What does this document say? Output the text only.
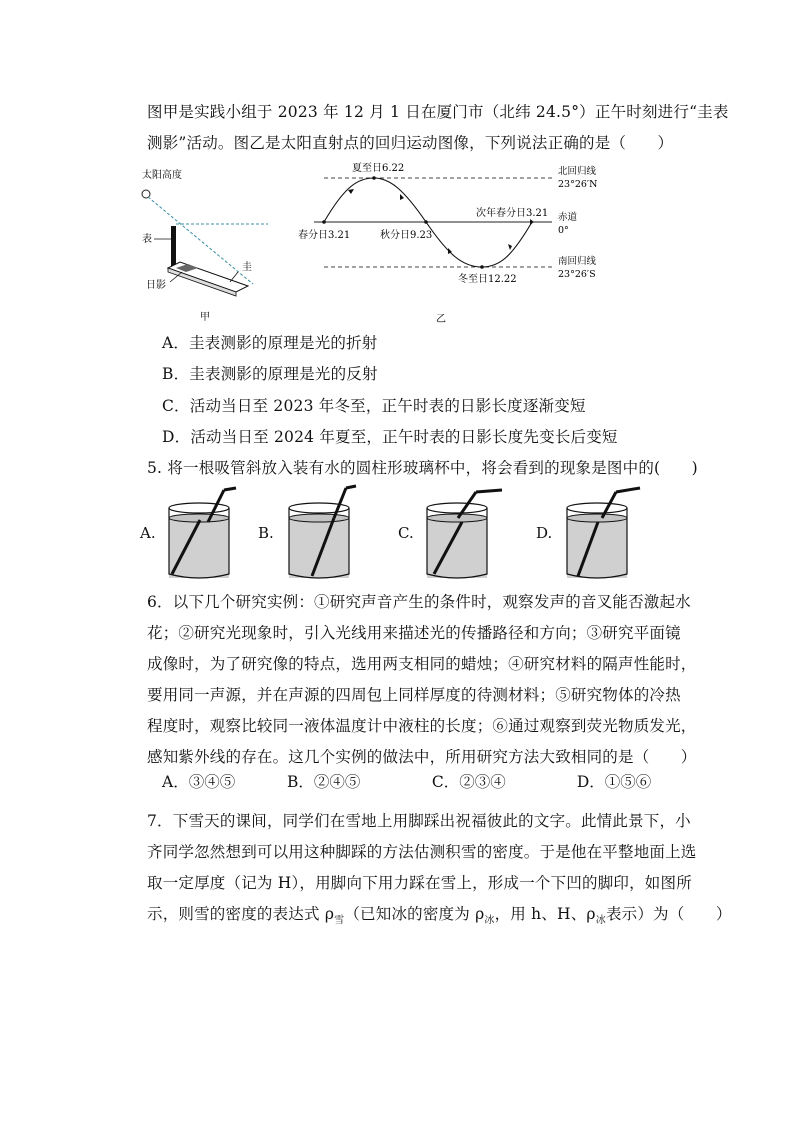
图甲是实践小组于 2023 年 12 月 1 日在厦门市（北纬 24.5°）正午时刻进行“圭表
测影”活动。图乙是太阳直射点的回归运动图像，下列说法正确的是（　　）
太阳高度
表
圭
日影
甲
夏至日6.22
春分日3.21	秋分日9.23
次年春分日3.21
冬至日12.22
北回归线
23°26′N
赤道
0°
南回归线
23°26′S
乙
A．圭表测影的原理是光的折射
B．圭表测影的原理是光的反射
C．活动当日至 2023 年冬至，正午时表的日影长度逐渐变短
D．活动当日至 2024 年夏至，正午时表的日影长度先变长后变短
5. 将一根吸管斜放入装有水的圆柱形玻璃杯中，将会看到的现象是图中的(　　)
A.	B.	C.	D.
6．以下几个研究实例：①研究声音产生的条件时，观察发声的音叉能否激起水
花；②研究光现象时，引入光线用来描述光的传播路径和方向；③研究平面镜
成像时，为了研究像的特点，选用两支相同的蜡烛；④研究材料的隔声性能时，
要用同一声源，并在声源的四周包上同样厚度的待测材料；⑤研究物体的冷热
程度时，观察比较同一液体温度计中液柱的长度；⑥通过观察到荧光物质发光，
感知紫外线的存在。这几个实例的做法中，所用研究方法大致相同的是（　　）
A．③④⑤	B．②④⑤	C．②③④	D．①⑤⑥
7．下雪天的课间，同学们在雪地上用脚踩出祝福彼此的文字。此情此景下，小
齐同学忽然想到可以用这种脚踩的方法估测积雪的密度。于是他在平整地面上选
取一定厚度（记为 H），用脚向下用力踩在雪上，形成一个下凹的脚印，如图所
示，则雪的密度的表达式 $\rho_雪$（已知冰的密度为 $\rho_冰$，用 h、H、$\rho_冰$表示）为（　　）
